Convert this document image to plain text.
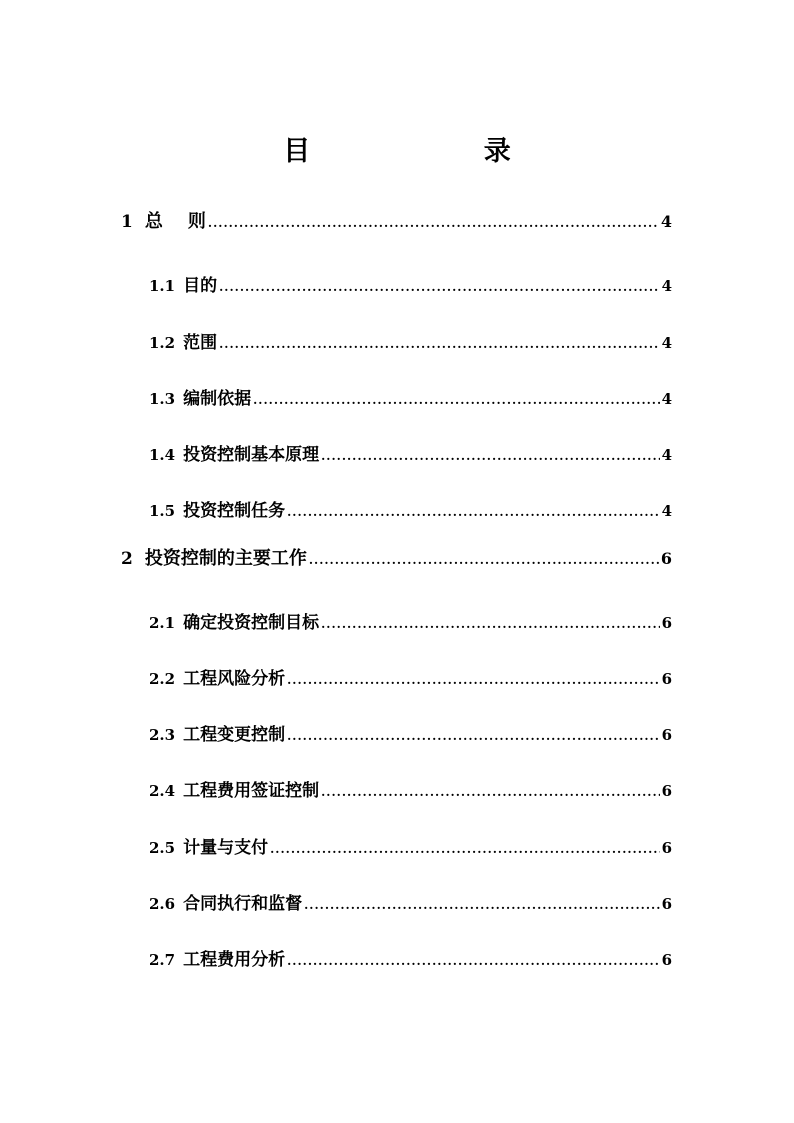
目 录
1 总    则 .....	4
1.1 目的 .....	4
1.2 范围 .....	4
1.3 编制依据 .....	4
1.4 投资控制基本原理 .....	4
1.5 投资控制任务 .....	4
2 投资控制的主要工作 .....	6
2.1 确定投资控制目标 .....	6
2.2 工程风险分析 .....	6
2.3 工程变更控制 .....	6
2.4 工程费用签证控制 .....	6
2.5 计量与支付 .....	6
2.6 合同执行和监督 .....	6
2.7 工程费用分析 .....	6
